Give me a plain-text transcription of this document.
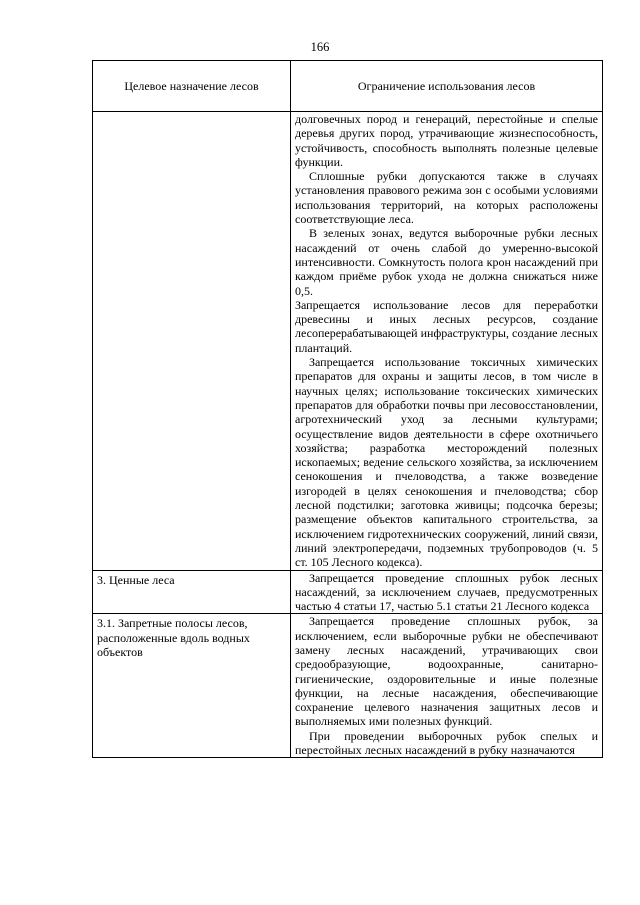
166
Целевое назначение лесов	Ограничение использования лесов

	долговечных пород и генераций, перестойные и спелые деревья других пород, утрачивающие жизнеспособность, устойчивость, способность выполнять полезные целевые функции.

Сплошные рубки допускаются также в случаях установления правового режима зон с особыми условиями использования территорий, на которых расположены соответствующие леса.

В зеленых зонах, ведутся выборочные рубки лесных насаждений от очень слабой до умеренно-высокой интенсивности. Сомкнутость полога крон насаждений при каждом приёме рубок ухода не должна снижаться ниже 0,5.

Запрещается использование лесов для переработки древесины и иных лесных ресурсов, создание лесоперерабатывающей инфраструктуры, создание лесных плантаций.

Запрещается использование токсичных химических препаратов для охраны и защиты лесов, в том числе в научных целях; использование токсических химических препаратов для обработки почвы при лесовосстановлении, агротехнический уход за лесными культурами; осуществление видов деятельности в сфере охотничьего хозяйства; разработка месторождений полезных ископаемых; ведение сельского хозяйства, за исключением сенокошения и пчеловодства, а также возведение изгородей в целях сенокошения и пчеловодства; сбор лесной подстилки; заготовка живицы; подсочка березы; размещение объектов капитального строительства, за исключением гидротехнических сооружений, линий связи, линий электропередачи, подземных трубопроводов (ч. 5 ст. 105 Лесного кодекса).

3. Ценные леса	Запрещается проведение сплошных рубок лесных насаждений, за исключением случаев, предусмотренных частью 4 статьи 17, частью 5.1 статьи 21 Лесного кодекса

3.1. Запретные полосы лесов, расположенные вдоль водных объектов	Запрещается проведение сплошных рубок, за исключением, если выборочные рубки не обеспечивают замену лесных насаждений, утрачивающих свои средообразующие, водоохранные, санитарно-гигиенические, оздоровительные и иные полезные функции, на лесные насаждения, обеспечивающие сохранение целевого назначения защитных лесов и выполняемых ими полезных функций.

При проведении выборочных рубок спелых и перестойных лесных насаждений в рубку назначаются
